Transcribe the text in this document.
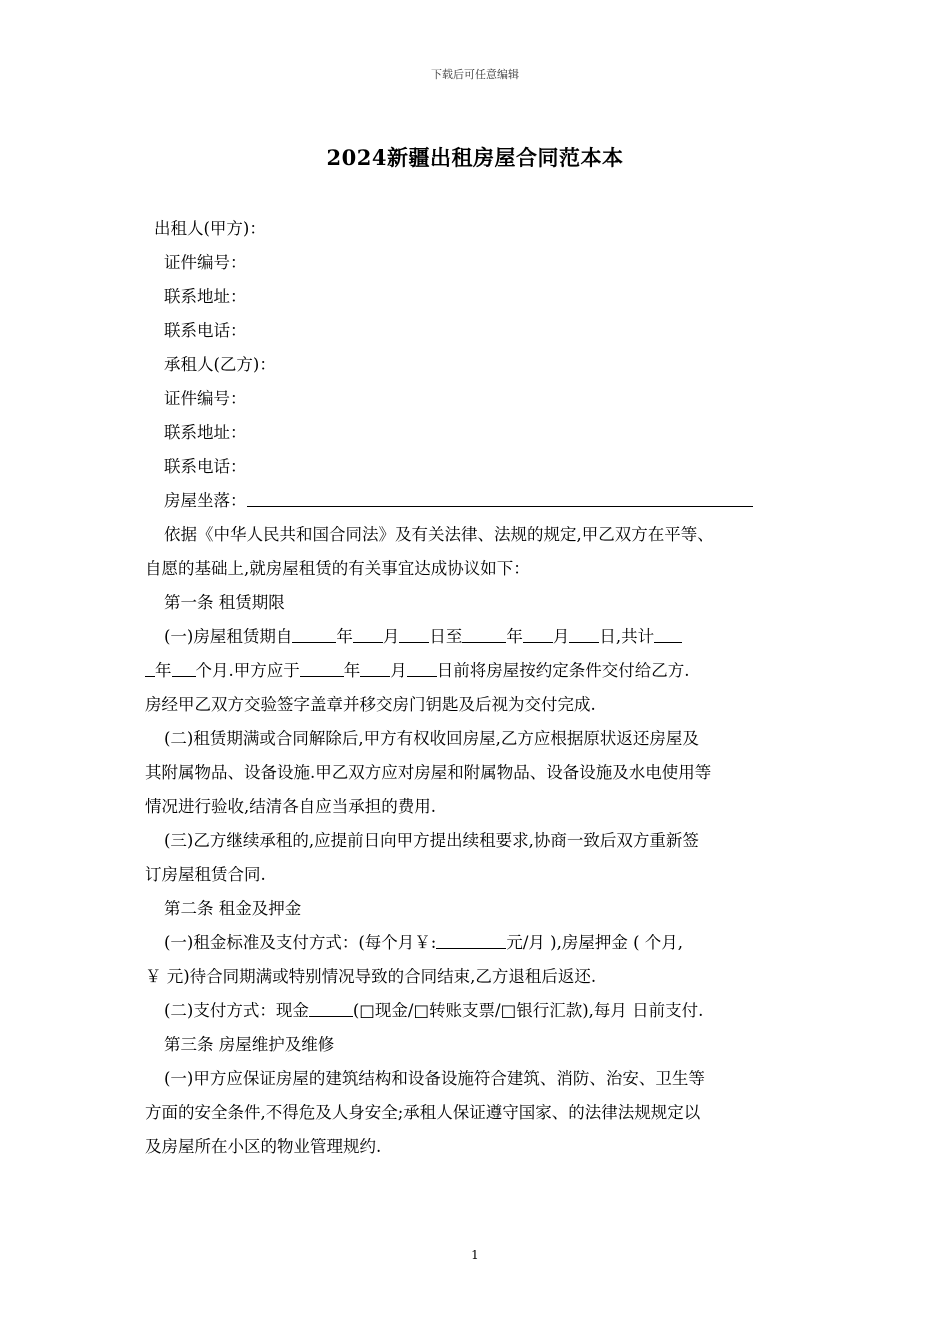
下载后可任意编辑
2024新疆出租房屋合同范本本
出租人(甲方)：
证件编号：
联系地址：
联系电话：
承租人(乙方)：
证件编号：
联系地址：
联系电话：
房屋坐落：
依据《中华人民共和国合同法》及有关法律、法规的规定,甲乙双方在平等、
自愿的基础上,就房屋租赁的有关事宜达成协议如下：
第一条 租赁期限
(一)房屋租赁期自	年 月 日至	年 月 日,共计
年 个月.甲方应于	年 月 日前将房屋按约定条件交付给乙方.
房经甲乙双方交验签字盖章并移交房门钥匙及后视为交付完成.
(二)租赁期满或合同解除后,甲方有权收回房屋,乙方应根据原状返还房屋及
其附属物品、设备设施.甲乙双方应对房屋和附属物品、设备设施及水电使用等
情况进行验收,结清各自应当承担的费用.
(三)乙方继续承租的,应提前日向甲方提出续租要求,协商一致后双方重新签
订房屋租赁合同.
第二条 租金及押金
(一)租金标准及支付方式：(每个月￥:	元/月 ),房屋押金 ( 个月,
￥ 元)待合同期满或特别情况导致的合同结束,乙方退租后返还.
(二)支付方式：现金	(□现金/□转账支票/□银行汇款),每月 日前支付.
第三条 房屋维护及维修
(一)甲方应保证房屋的建筑结构和设备设施符合建筑、消防、治安、卫生等
方面的安全条件,不得危及人身安全;承租人保证遵守国家、的法律法规规定以
及房屋所在小区的物业管理规约.
1
